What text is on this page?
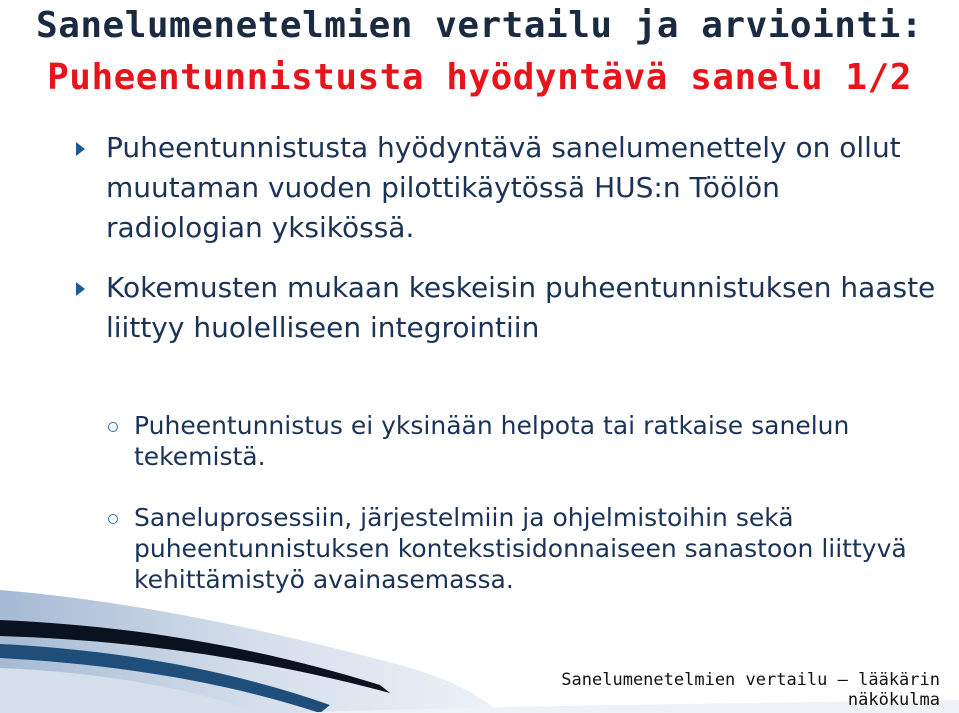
Sanelumenetelmien vertailu ja arviointi:
Puheentunnistusta hyödyntävä sanelu 1/2
Puheentunnistusta hyödyntävä sanelumenettely on ollut muutaman vuoden pilottikäytössä HUS:n Töölön radiologian yksikössä.
Kokemusten mukaan keskeisin puheentunnistuksen haaste liittyy huolelliseen integrointiin
Puheentunnistus ei yksinään helpota tai ratkaise sanelun tekemistä.
Saneluprosessiin, järjestelmiin ja ohjelmistoihin sekä puheentunnistuksen kontekstisidonnaiseen sanastoon liittyvä kehittämistyö avainasemassa.
Sanelumenetelmien vertailu – lääkärin näkökulma
